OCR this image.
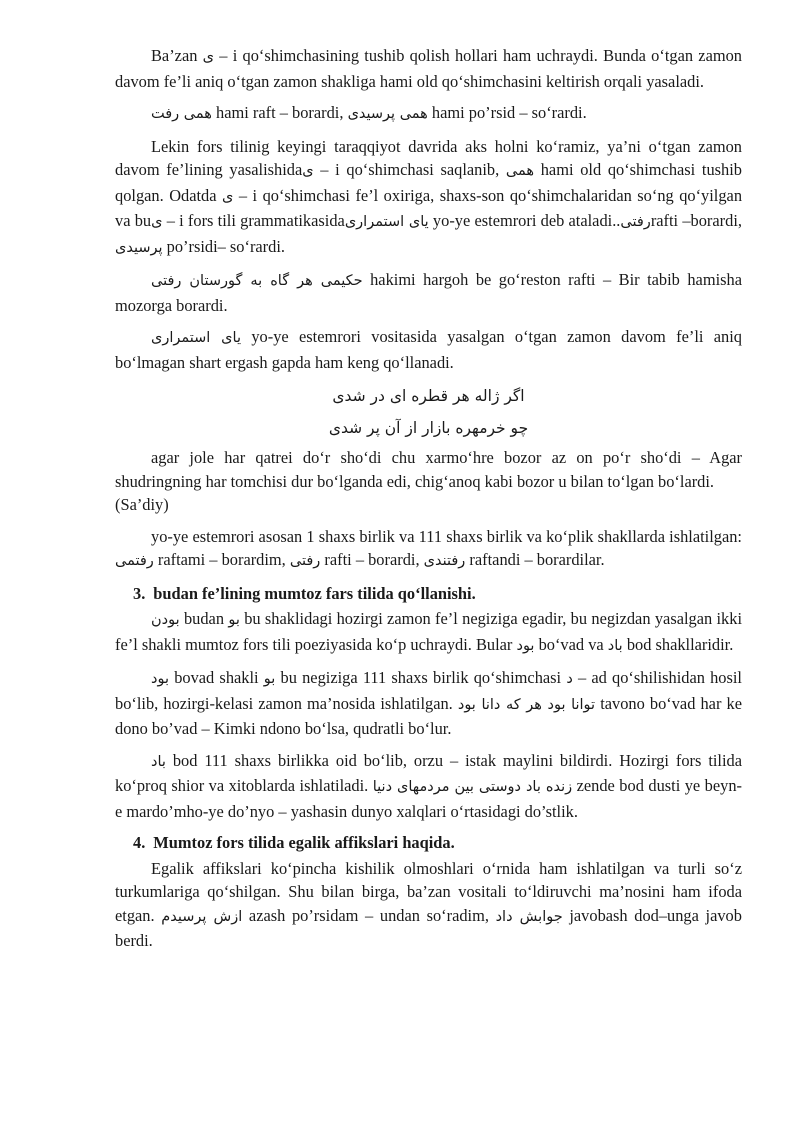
Ba’zan ی – i qo‘shimchasining tushib qolish hollari ham uchraydi. Bunda o‘tgan zamon davom fe’li aniq o‘tgan zamon shakliga hami old qo‘shimchasini keltirish orqali yasaladi.

همی رفت hami raft – borardi, همی پرسیدی hami po’rsid – so‘rardi.

Lekin fors tilinig keyingi taraqqiyot davrida aks holni ko‘ramiz, ya’ni o‘tgan zamon davom fe’lining yasalishidaی – i qo‘shimchasi saqlanib, همی hami old qo‘shimchasi tushib qolgan. Odatda ی – i qo‘shimchasi fe’l oxiriga, shaxs-son qo‘shimchalaridan so‘ng qo‘yilgan va buی – i fors tili grammatikasidaیای استمراری yo-ye estemrori deb ataladi..رفتیrafti –borardi, پرسیدی po’rsidi– so‘rardi.

حکیمی هر گاه به گورستان رفتی hakimi hargoh be go‘reston rafti – Bir tabib hamisha mozorga borardi.

یای استمراری yo-ye estemrori vositasida yasalgan o‘tgan zamon davom fe’li aniq bo‘lmagan shart ergash gapda ham keng qo‘llanadi.

اگر ژاله هر قطره ای در شدی
چو خرمهره بازار از آن پر شدی

agar jole har qatrei do‘r sho‘di chu xarmo‘hre bozor az on po‘r sho‘di – Agar shudringning har tomchisi dur bo‘lganda edi, chig‘anoq kabi bozor u bilan to‘lgan bo‘lardi.

(Sa’diy)

yo-ye estemrori asosan 1 shaxs birlik va 111 shaxs birlik va ko‘plik shakllarda ishlatilgan: رفتمی raftami – borardim, رفتی rafti – borardi, رفتندی raftandi – borardilar.

3. budan fe’lining mumtoz fars tilida qo‘llanishi.

بودن budan بو bu shaklidagi hozirgi zamon fe’l negiziga egadir, bu negizdan yasalgan ikki fe’l shakli mumtoz fors tili poeziyasida ko‘p uchraydi. Bular بود bo‘vad va باد bod shakllaridir.

بود bovad shakli بو bu negiziga 111 shaxs birlik qo‘shimchasi د – ad qo‘shilishidan hosil bo‘lib, hozirgi-kelasi zamon ma’nosida ishlatilgan. توانا بود هر که دانا بود tavono bo‘vad har ke dono bo’vad – Kimki ndono bo‘lsa, qudratli bo‘lur.

باد bod 111 shaxs birlikka oid bo‘lib, orzu – istak maylini bildirdi. Hozirgi fors tilida ko‘proq shior va xitoblarda ishlatiladi. زنده باد دوستی بین مردمهای دنیا zende bod dusti ye beyn-e mardo’mho-ye do’nyo – yashasin dunyo xalqlari o‘rtasidagi do’stlik.

4. Mumtoz fors tilida egalik affikslari haqida.

Egalik affikslari ko‘pincha kishilik olmoshlari o‘rnida ham ishlatilgan va turli so‘z turkumlariga qo‘shilgan. Shu bilan birga, ba’zan vositali to‘ldiruvchi ma’nosini ham ifoda etgan. ازش پرسیدم azash po’rsidam – undan so‘radim, جوابش داد javobash dod–unga javob berdi.
